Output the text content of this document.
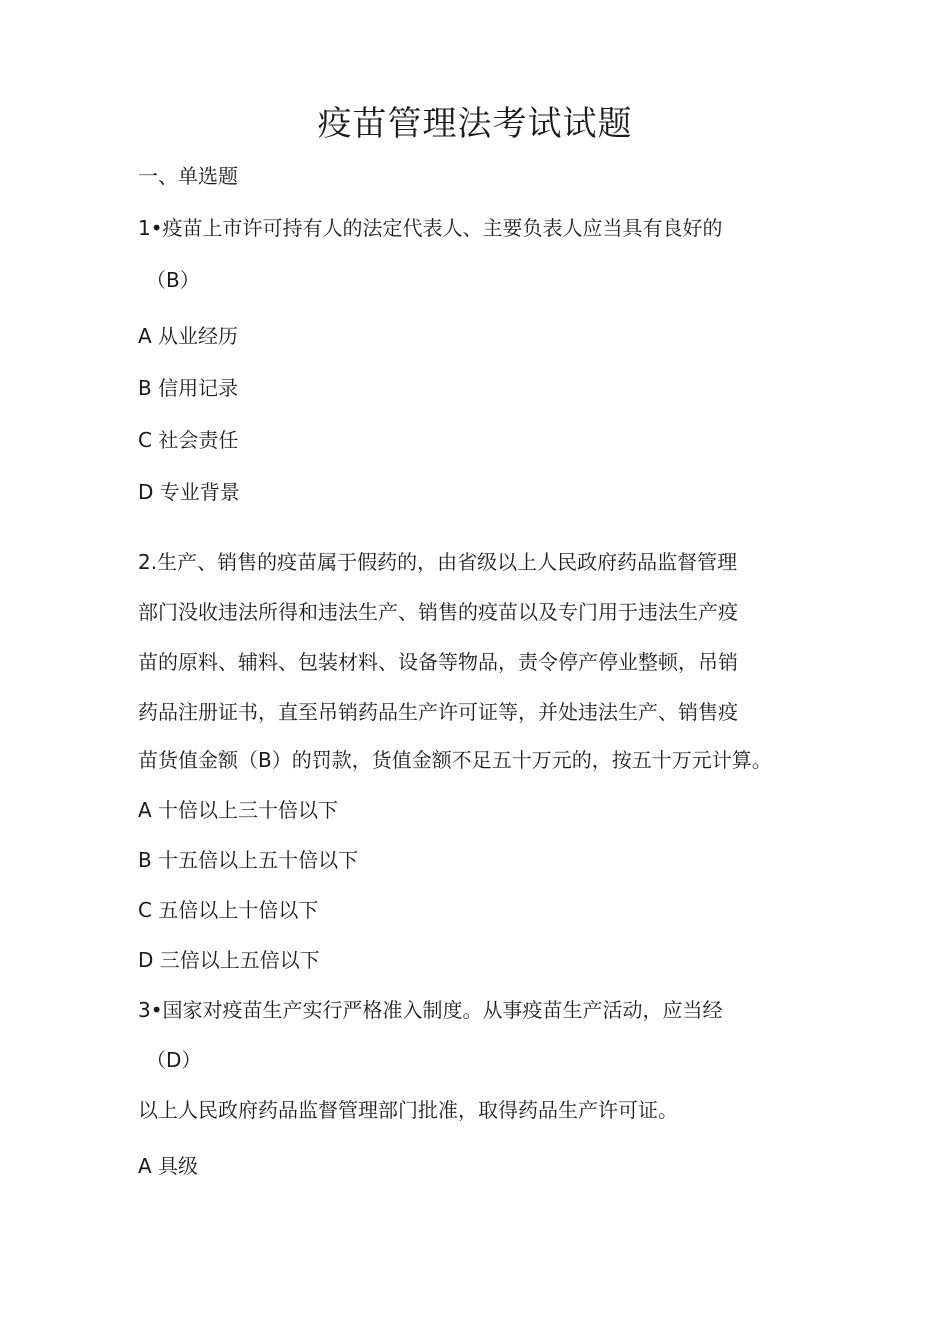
疫苗管理法考试试题
一、单选题
1•疫苗上市许可持有人的法定代表人、主要负表人应当具有良好的
（B）
A 从业经历
B 信用记录
C 社会责任
D 专业背景
2.生产、销售的疫苗属于假药的，由省级以上人民政府药品监督管理
部门没收违法所得和违法生产、销售的疫苗以及专门用于违法生产疫
苗的原料、辅料、包装材料、设备等物品，责令停产停业整顿，吊销
药品注册证书，直至吊销药品生产许可证等，并处违法生产、销售疫
苗货值金额（B）的罚款，货值金额不足五十万元的，按五十万元计算。
A 十倍以上三十倍以下
B 十五倍以上五十倍以下
C 五倍以上十倍以下
D 三倍以上五倍以下
3•国家对疫苗生产实行严格准入制度。从事疫苗生产活动，应当经
（D）
以上人民政府药品监督管理部门批准，取得药品生产许可证。
A 具级
